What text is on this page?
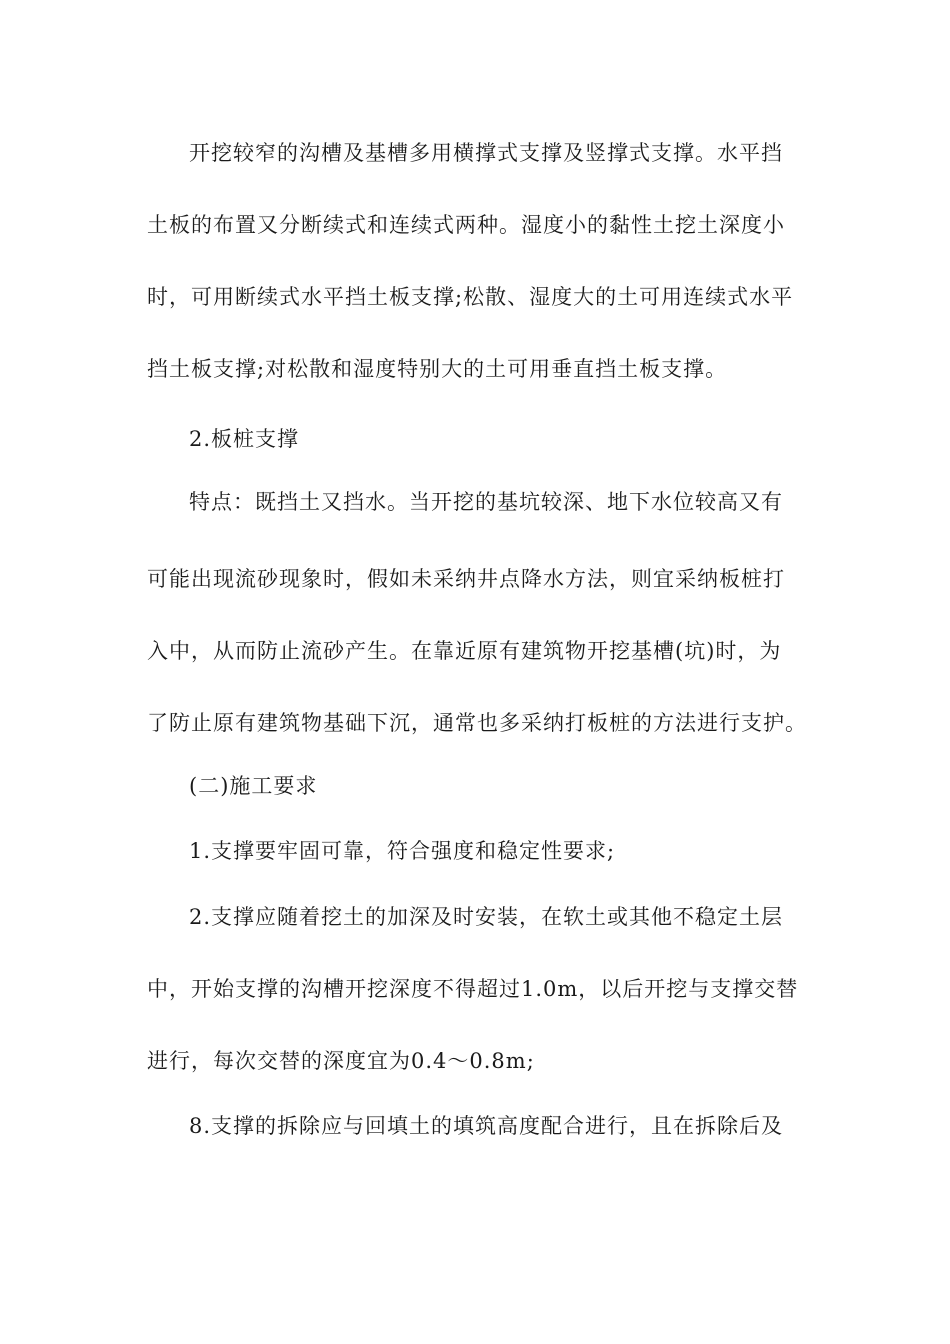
开挖较窄的沟槽及基槽多用横撑式支撑及竖撑式支撑。水平挡
土板的布置又分断续式和连续式两种。湿度小的黏性土挖土深度小
时，可用断续式水平挡土板支撑;松散、湿度大的土可用连续式水平
挡土板支撑;对松散和湿度特别大的土可用垂直挡土板支撑。
2.板桩支撑
特点：既挡土又挡水。当开挖的基坑较深、地下水位较高又有
可能出现流砂现象时，假如未采纳井点降水方法，则宜采纳板桩打
入中，从而防止流砂产生。在靠近原有建筑物开挖基槽(坑)时，为
了防止原有建筑物基础下沉，通常也多采纳打板桩的方法进行支护。
(二)施工要求
1.支撑要牢固可靠，符合强度和稳定性要求;
2.支撑应随着挖土的加深及时安装，在软土或其他不稳定土层
中，开始支撑的沟槽开挖深度不得超过1.0m，以后开挖与支撑交替
进行，每次交替的深度宜为0.4～0.8m;
8.支撑的拆除应与回填土的填筑高度配合进行，且在拆除后及
